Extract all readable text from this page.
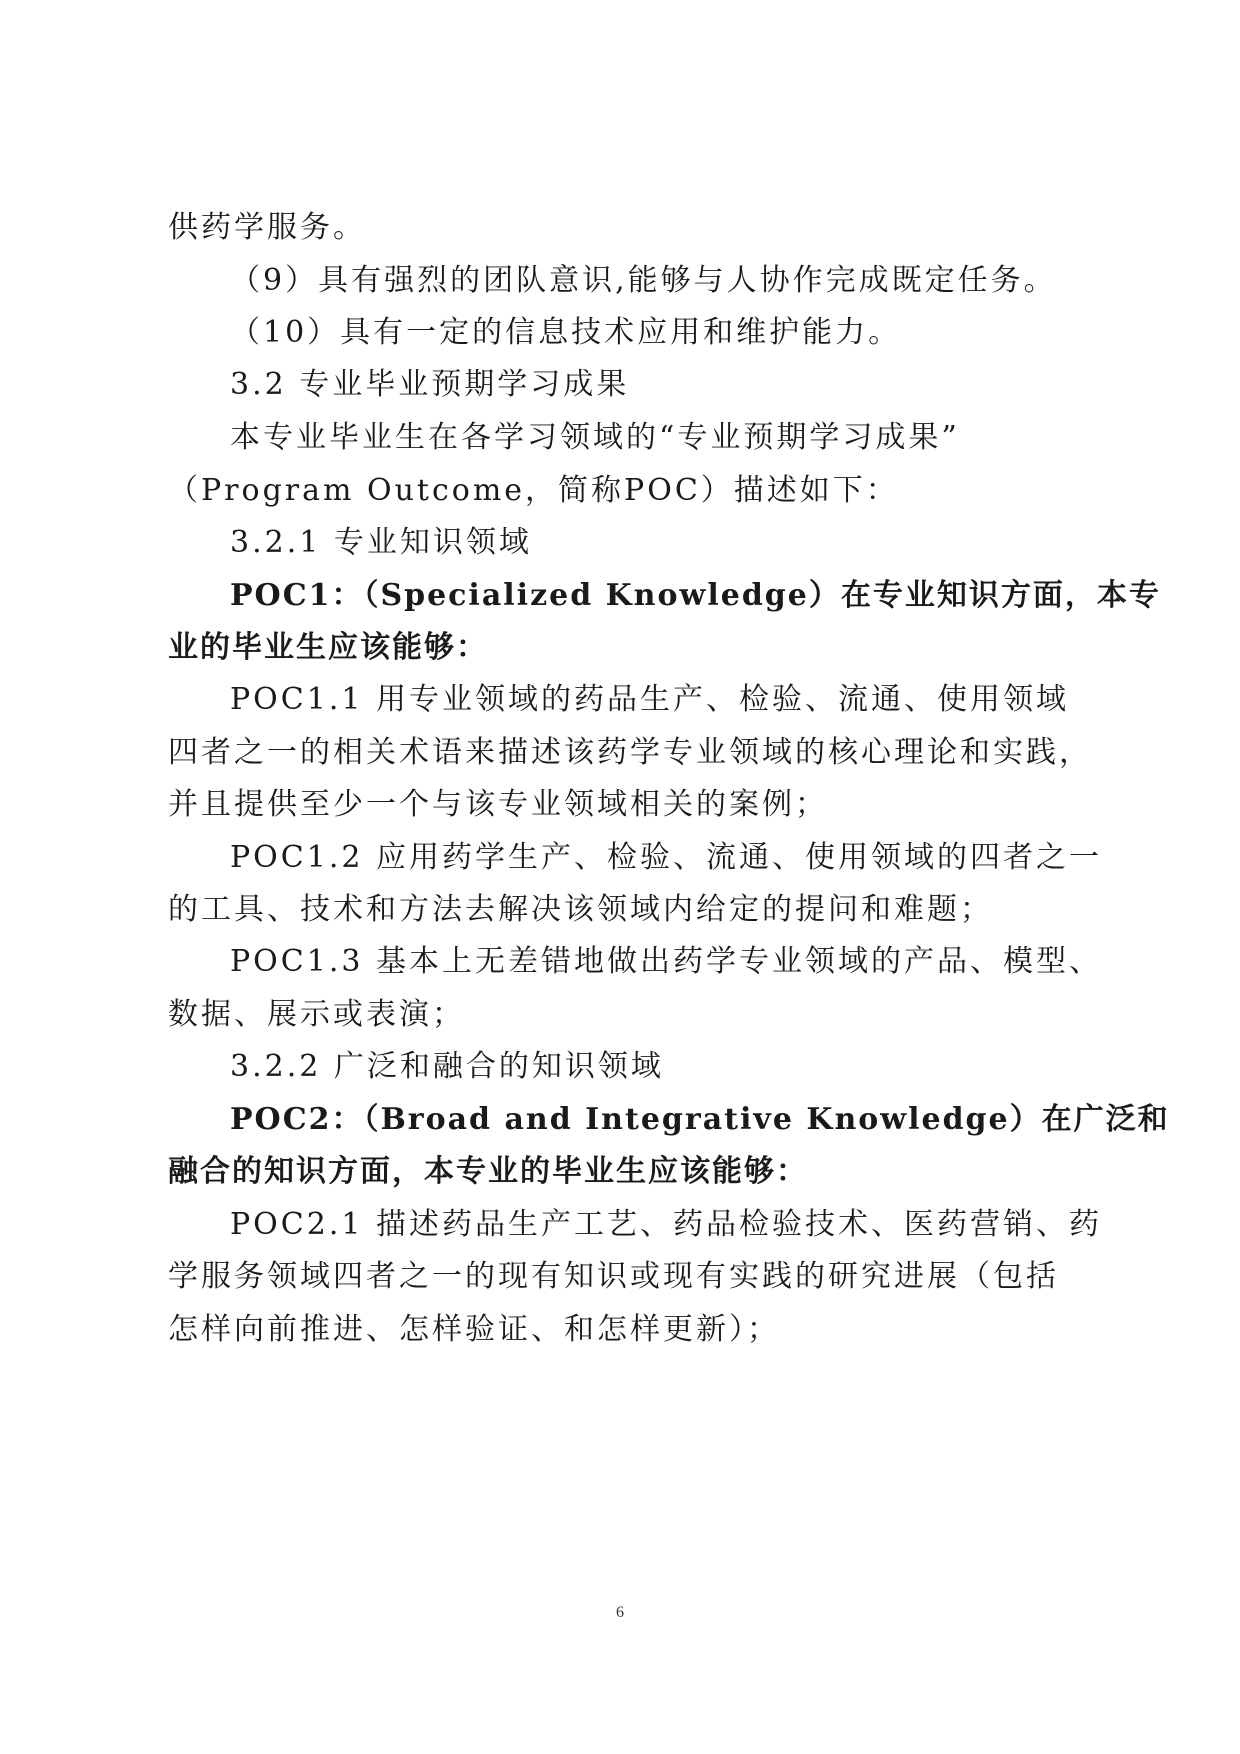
供药学服务。
（9）具有强烈的团队意识,能够与人协作完成既定任务。
（10）具有一定的信息技术应用和维护能力。
3.2 专业毕业预期学习成果
本专业毕业生在各学习领域的“专业预期学习成果”
（Program Outcome，简称POC）描述如下：
3.2.1 专业知识领域
POC1：（Specialized Knowledge）在专业知识方面，本专
业的毕业生应该能够：
POC1.1 用专业领域的药品生产、检验、流通、使用领域
四者之一的相关术语来描述该药学专业领域的核心理论和实践，
并且提供至少一个与该专业领域相关的案例；
POC1.2 应用药学生产、检验、流通、使用领域的四者之一
的工具、技术和方法去解决该领域内给定的提问和难题；
POC1.3 基本上无差错地做出药学专业领域的产品、模型、
数据、展示或表演；
3.2.2 广泛和融合的知识领域
POC2：（Broad and Integrative Knowledge）在广泛和
融合的知识方面，本专业的毕业生应该能够：
POC2.1 描述药品生产工艺、药品检验技术、医药营销、药
学服务领域四者之一的现有知识或现有实践的研究进展（包括
怎样向前推进、怎样验证、和怎样更新）；
6
